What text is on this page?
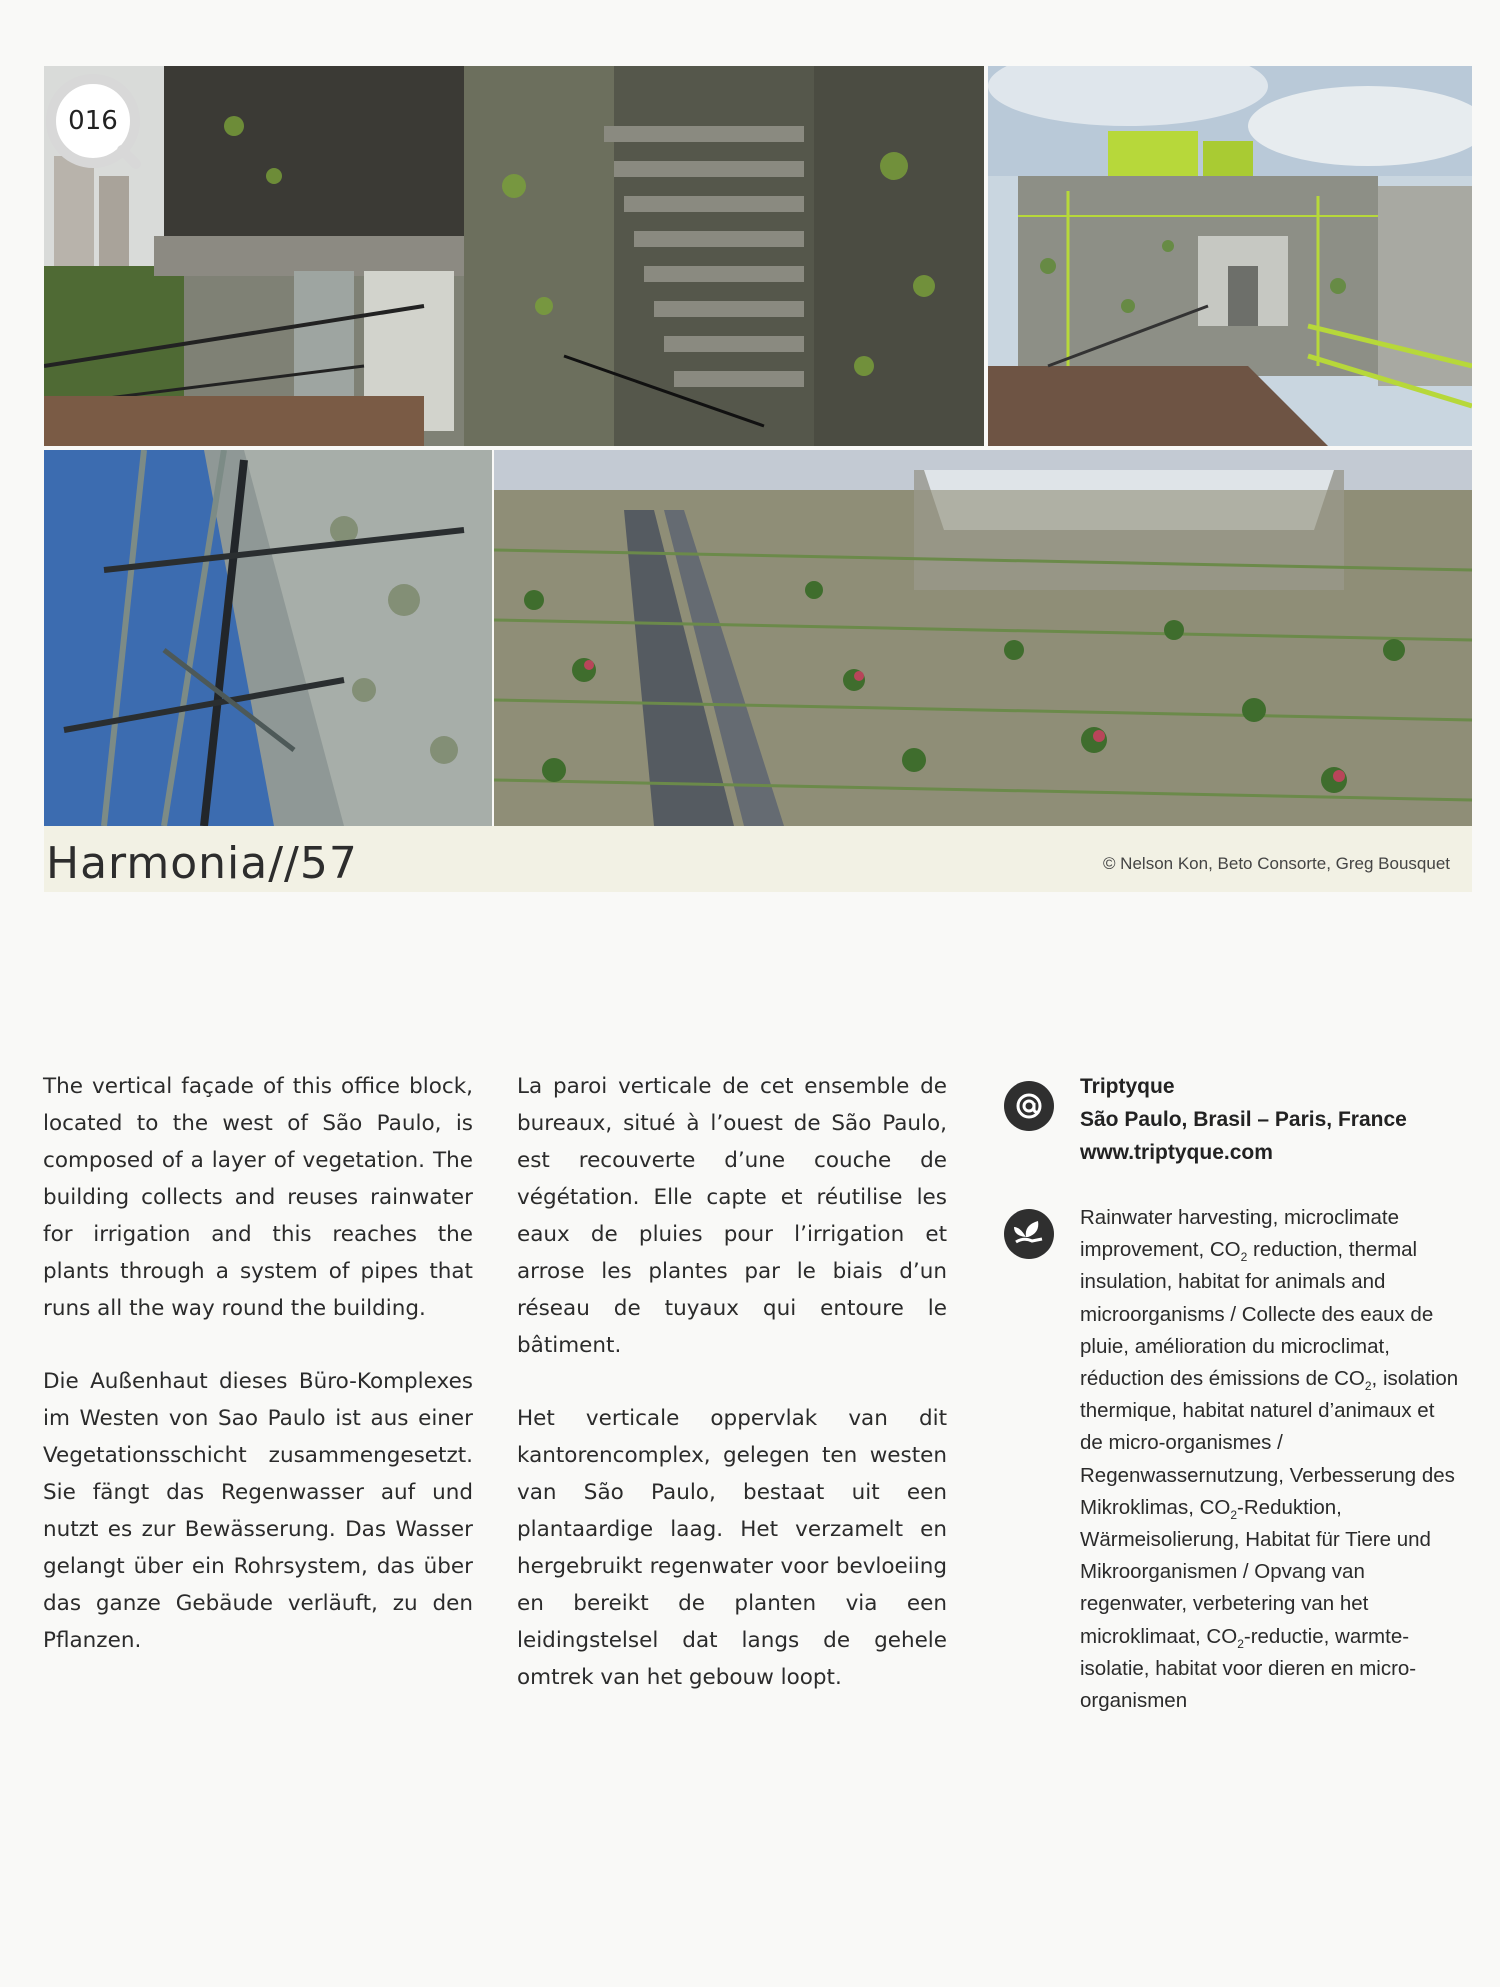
016
Harmonia//57	© Nelson Kon, Beto Consorte, Greg Bousquet

The vertical façade of this office block, located to the west of São Paulo, is composed of a layer of vegetation. The building collects and reuses rainwater for irrigation and this reaches the plants through a system of pipes that runs all the way round the building.

Die Außenhaut dieses Büro-Komplexes im Westen von Sao Paulo ist aus einer Vegetationsschicht zusammengesetzt. Sie fängt das Regenwasser auf und nutzt es zur Bewässerung. Das Wasser gelangt über ein Rohrsystem, das über das ganze Gebäude verläuft, zu den Pflanzen.

La paroi verticale de cet ensemble de bureaux, situé à l’ouest de São Paulo, est recouverte d’une couche de végétation. Elle capte et réutilise les eaux de pluies pour l’irrigation et arrose les plantes par le biais d’un réseau de tuyaux qui entoure le bâtiment.

Het verticale oppervlak van dit kantorencomplex, gelegen ten westen van São Paulo, bestaat uit een plantaardige laag. Het verzamelt en hergebruikt regenwater voor bevloeiing en bereikt de planten via een leidingstelsel dat langs de gehele omtrek van het gebouw loopt.

Triptyque
São Paulo, Brasil – Paris, France
www.triptyque.com
Rainwater harvesting, microclimate improvement, $CO_2$ reduction, thermal insulation, habitat for animals and microorganisms / Collecte des eaux de pluie, amélioration du microclimat, réduction des émissions de $CO_2$, isolation thermique, habitat naturel d’animaux et de micro-organismes / Regenwassernutzung, Verbesserung des Mikroklimas, $CO_2$-Reduktion, Wärmeisolierung, Habitat für Tiere und Mikroorganismen / Opvang van regenwater, verbetering van het microklimaat, $CO_2$-reductie, warmte-isolatie, habitat voor dieren en micro-organismen
